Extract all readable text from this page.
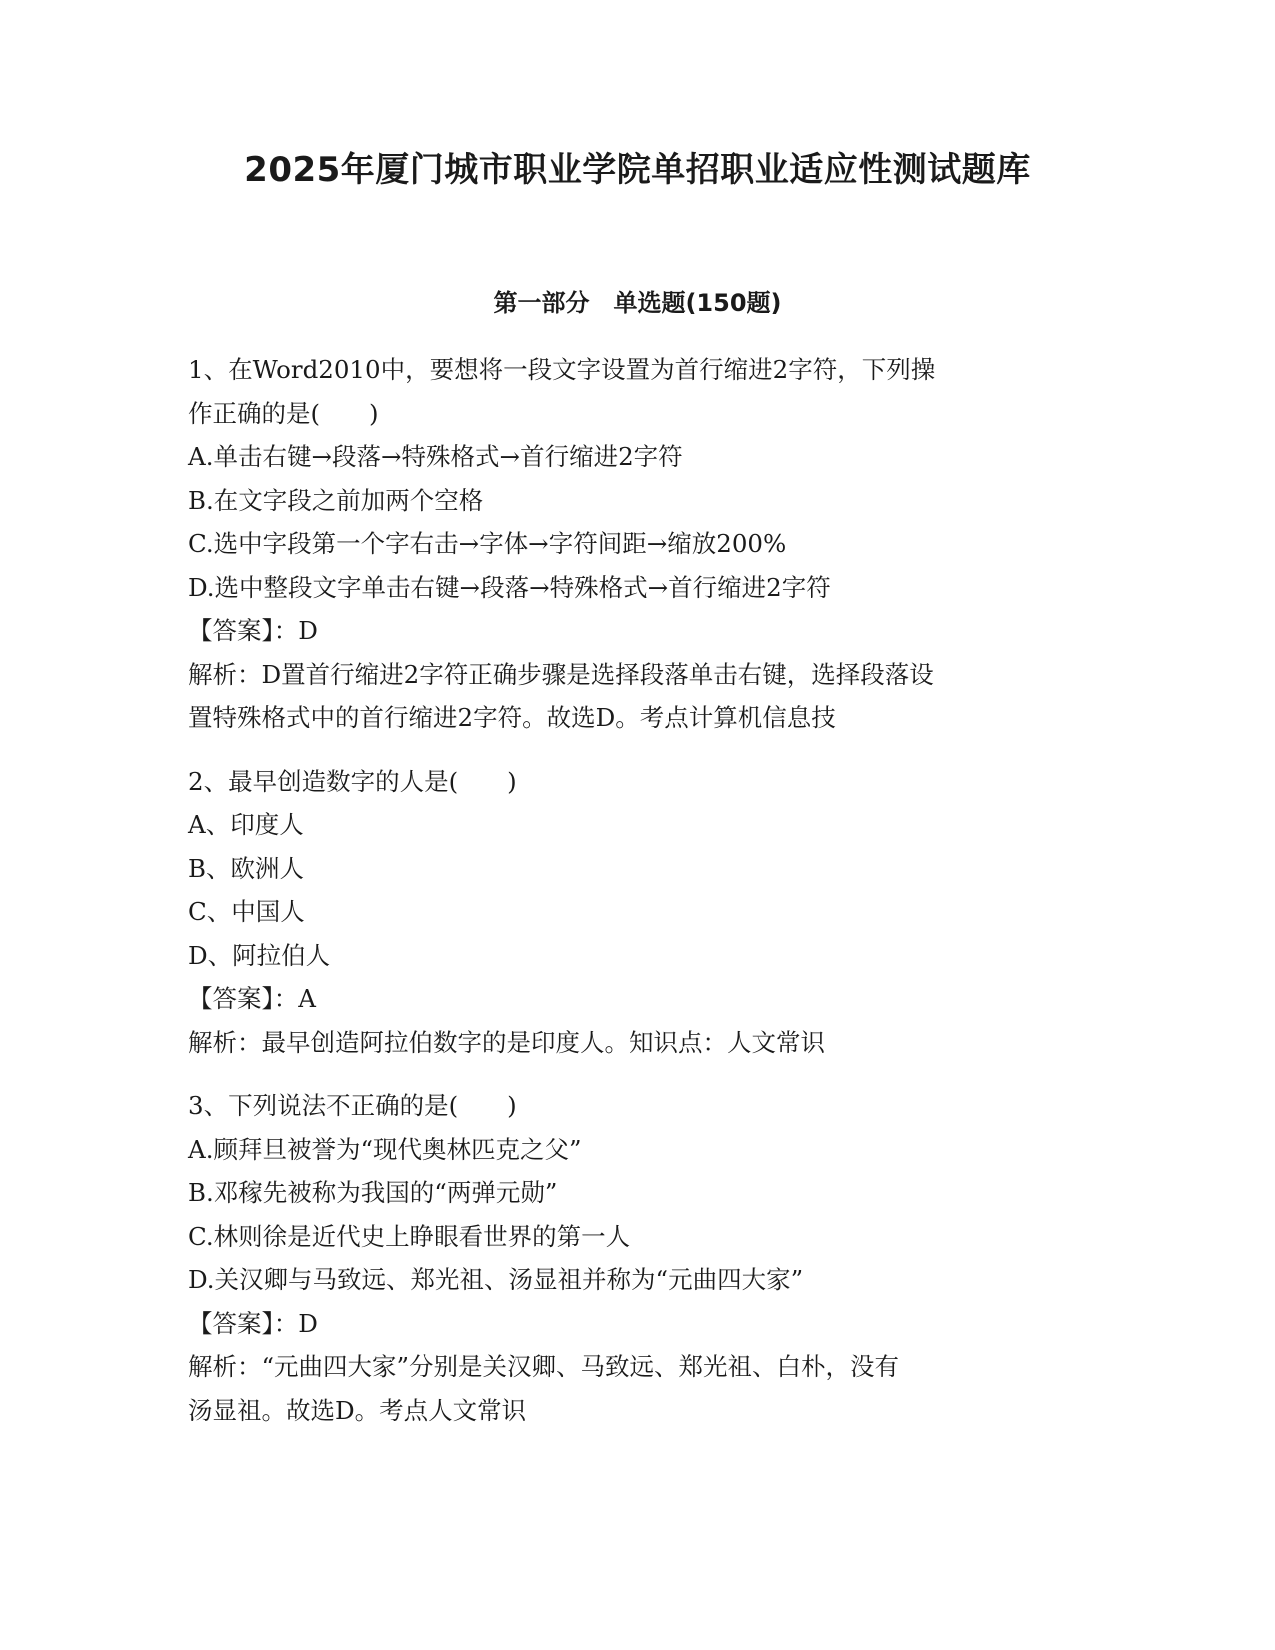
2025年厦门城市职业学院单招职业适应性测试题库
第一部分　单选题(150题)
1、在Word2010中，要想将一段文字设置为首行缩进2字符，下列操
作正确的是(　　)
A.单击右键→段落→特殊格式→首行缩进2字符
B.在文字段之前加两个空格
C.选中字段第一个字右击→字体→字符间距→缩放200%
D.选中整段文字单击右键→段落→特殊格式→首行缩进2字符
【答案】：D
解析：D置首行缩进2字符正确步骤是选择段落单击右键，选择段落设
置特殊格式中的首行缩进2字符。故选D。考点计算机信息技
2、最早创造数字的人是(　　)
A、印度人
B、欧洲人
C、中国人
D、阿拉伯人
【答案】：A
解析：最早创造阿拉伯数字的是印度人。知识点：人文常识
3、下列说法不正确的是(　　)
A.顾拜旦被誉为“现代奥林匹克之父”
B.邓稼先被称为我国的“两弹元勋”
C.林则徐是近代史上睁眼看世界的第一人
D.关汉卿与马致远、郑光祖、汤显祖并称为“元曲四大家”
【答案】：D
解析：“元曲四大家”分别是关汉卿、马致远、郑光祖、白朴，没有
汤显祖。故选D。考点人文常识
